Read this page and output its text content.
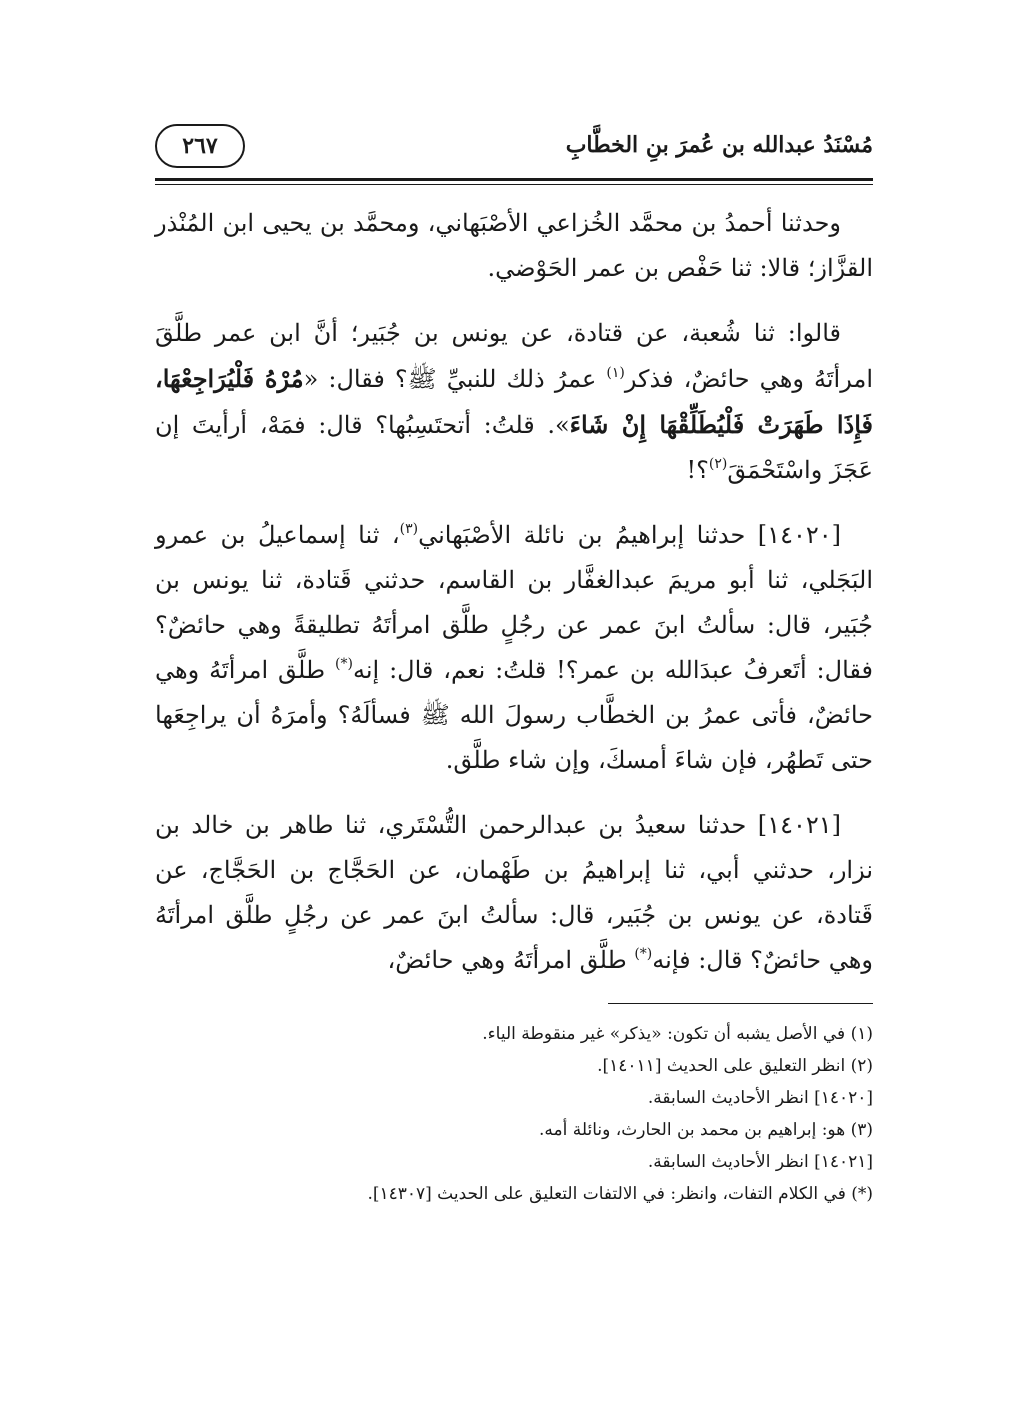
مُسْنَدُ عبدالله بن عُمرَ بنِ الخطَّابِ
٢٦٧

وحدثنا أحمدُ بن محمَّد الخُزاعي الأصْبَهاني، ومحمَّد بن يحيى ابن المُنْذر القزَّاز؛ قالا: ثنا حَفْص بن عمر الحَوْضي.

قالوا: ثنا شُعبة، عن قتادة، عن يونس بن جُبَير؛ أنَّ ابن عمر طلَّقَ امرأتَهُ وهي حائضٌ، فذكر$^{(١)}$ عمرُ ذلك للنبيِّ ﷺ؟ فقال: «مُرْهُ فَلْيُرَاجِعْهَا، فَإِذَا طَهَرَتْ فَلْيُطَلِّقْهَا إِنْ شَاءَ». قلتُ: أتحتَسِبُها؟ قال: فمَهْ، أرأيتَ إن عَجَزَ واسْتَحْمَقَ$^{(٢)}$؟!

[١٤٠٢٠] حدثنا إبراهيمُ بن نائلة الأصْبَهاني$^{(٣)}$، ثنا إسماعيلُ بن عمرو البَجَلي، ثنا أبو مريمَ عبدالغفَّار بن القاسم، حدثني قَتادة، ثنا يونس بن جُبَير، قال: سألتُ ابنَ عمر عن رجُلٍ طلَّق امرأتَهُ تطليقةً وهي حائضٌ؟ فقال: أتَعرفُ عبدَالله بن عمر؟! قلتُ: نعم، قال: إنه(*) طلَّق امرأتَهُ وهي حائضٌ، فأتى عمرُ بن الخطَّاب رسولَ الله ﷺ فسألَهُ؟ وأمرَهُ أن يراجِعَها حتى تَطهُر، فإن شاءَ أمسكَ، وإن شاء طلَّق.

[١٤٠٢١] حدثنا سعيدُ بن عبدالرحمن التُّسْتَري، ثنا طاهر بن خالد بن نزار، حدثني أبي، ثنا إبراهيمُ بن طَهْمان، عن الحَجَّاج بن الحَجَّاج، عن قَتادة، عن يونس بن جُبَير، قال: سألتُ ابنَ عمر عن رجُلٍ طلَّق امرأتَهُ وهي حائضٌ؟ قال: فإنه(*) طلَّق امرأتَهُ وهي حائضٌ،

(١) في الأصل يشبه أن تكون: «يذكر» غير منقوطة الياء.

(٢) انظر التعليق على الحديث [١٤٠١١].

[١٤٠٢٠] انظر الأحاديث السابقة.

(٣) هو: إبراهيم بن محمد بن الحارث، ونائلة أمه.

[١٤٠٢١] انظر الأحاديث السابقة.

(*) في الكلام التفات، وانظر: في الالتفات التعليق على الحديث [١٤٣٠٧].
